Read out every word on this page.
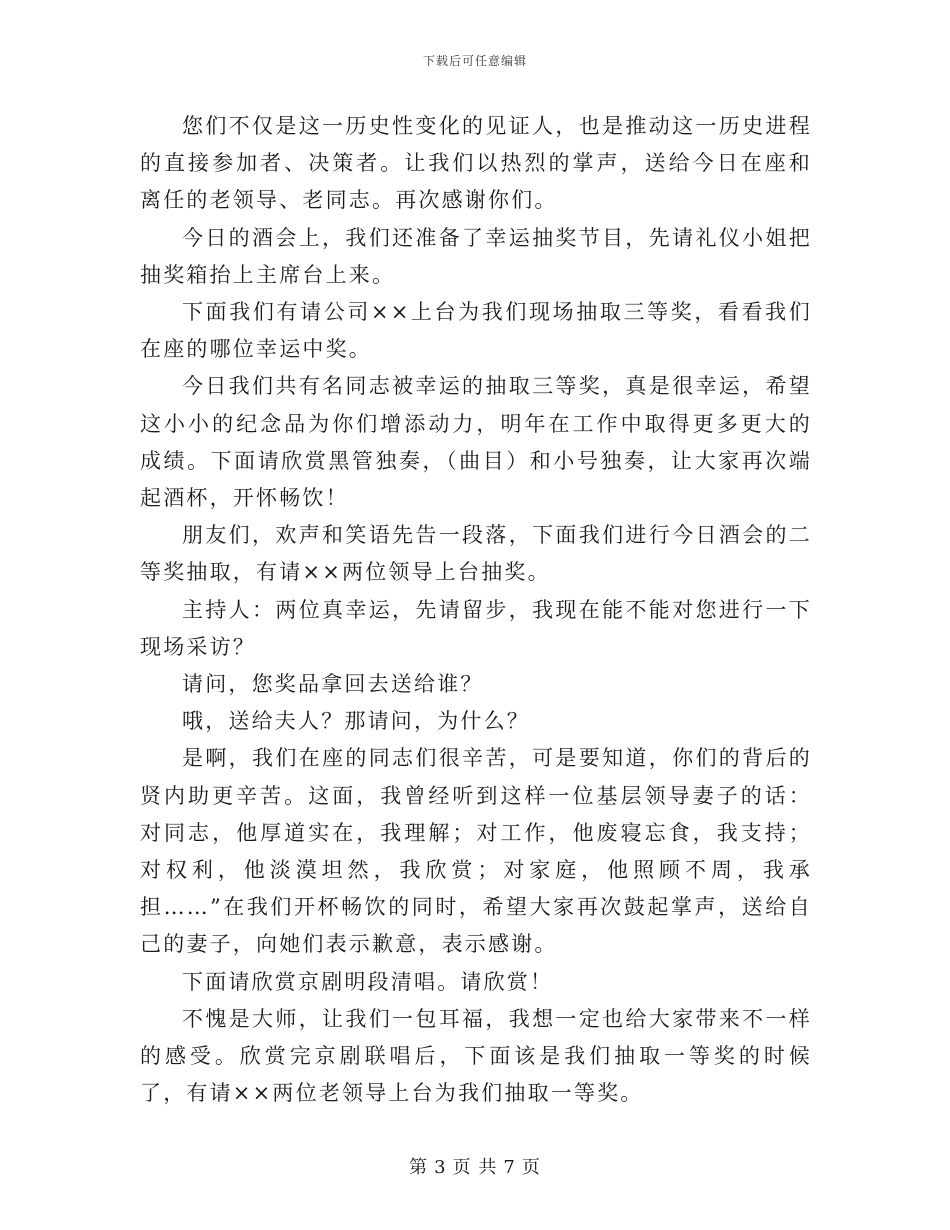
下载后可任意编辑

您们不仅是这一历史性变化的见证人，也是推动这一历史进程的直接参加者、决策者。让我们以热烈的掌声，送给今日在座和离任的老领导、老同志。再次感谢你们。

今日的酒会上，我们还准备了幸运抽奖节目，先请礼仪小姐把抽奖箱抬上主席台上来。

下面我们有请公司××上台为我们现场抽取三等奖，看看我们在座的哪位幸运中奖。

今日我们共有名同志被幸运的抽取三等奖，真是很幸运，希望这小小的纪念品为你们增添动力，明年在工作中取得更多更大的成绩。下面请欣赏黑管独奏，（曲目）和小号独奏，让大家再次端起酒杯，开怀畅饮！

朋友们，欢声和笑语先告一段落，下面我们进行今日酒会的二等奖抽取，有请××两位领导上台抽奖。

主持人：两位真幸运，先请留步，我现在能不能对您进行一下现场采访？

请问，您奖品拿回去送给谁？

哦，送给夫人？那请问，为什么？

是啊，我们在座的同志们很辛苦，可是要知道，你们的背后的贤内助更辛苦。这面，我曾经听到这样一位基层领导妻子的话：对同志，他厚道实在，我理解；对工作，他废寝忘食，我支持；对权利，他淡漠坦然，我欣赏；对家庭，他照顾不周，我承担……”在我们开杯畅饮的同时，希望大家再次鼓起掌声，送给自己的妻子，向她们表示歉意，表示感谢。

下面请欣赏京剧明段清唱。请欣赏！

不愧是大师，让我们一包耳福，我想一定也给大家带来不一样的感受。欣赏完京剧联唱后，下面该是我们抽取一等奖的时候了，有请××两位老领导上台为我们抽取一等奖。

第 3 页 共 7 页
